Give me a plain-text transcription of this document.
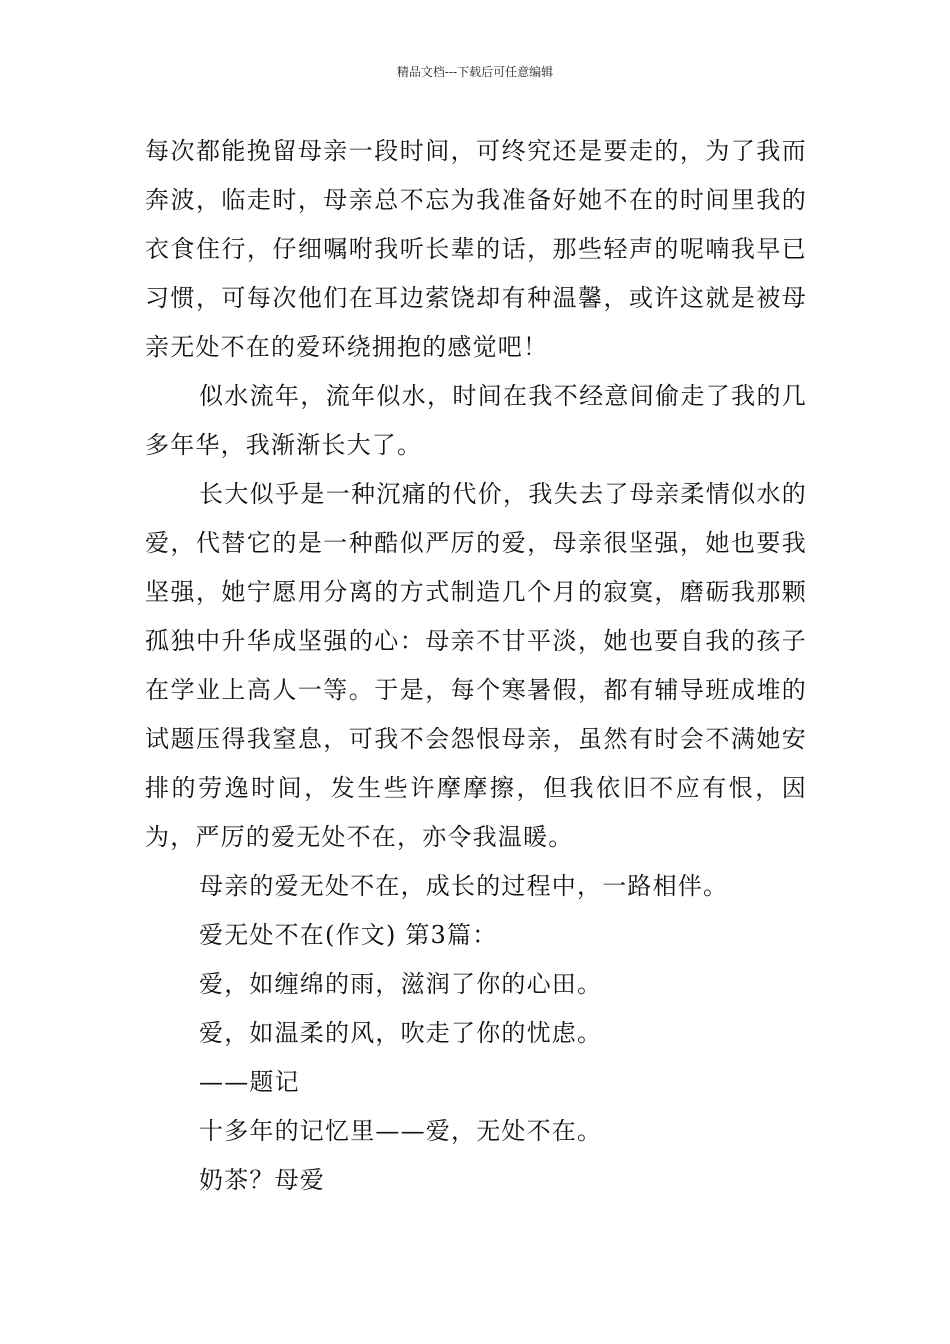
精品文档---下载后可任意编辑

每次都能挽留母亲一段时间，可终究还是要走的，为了我而奔波，临走时，母亲总不忘为我准备好她不在的时间里我的衣食住行，仔细嘱咐我听长辈的话，那些轻声的呢喃我早已习惯，可每次他们在耳边萦饶却有种温馨，或许这就是被母亲无处不在的爱环绕拥抱的感觉吧！

似水流年，流年似水，时间在我不经意间偷走了我的几多年华，我渐渐长大了。

长大似乎是一种沉痛的代价，我失去了母亲柔情似水的爱，代替它的是一种酷似严厉的爱，母亲很坚强，她也要我坚强，她宁愿用分离的方式制造几个月的寂寞，磨砺我那颗孤独中升华成坚强的心：母亲不甘平淡，她也要自我的孩子在学业上高人一等。于是，每个寒暑假，都有辅导班成堆的试题压得我窒息，可我不会怨恨母亲，虽然有时会不满她安排的劳逸时间，发生些许摩摩擦，但我依旧不应有恨，因为，严厉的爱无处不在，亦令我温暖。

母亲的爱无处不在，成长的过程中，一路相伴。

爱无处不在(作文) 第3篇：

爱，如缠绵的雨，滋润了你的心田。

爱，如温柔的风，吹走了你的忧虑。

——题记

十多年的记忆里——爱，无处不在。

奶茶？母爱
